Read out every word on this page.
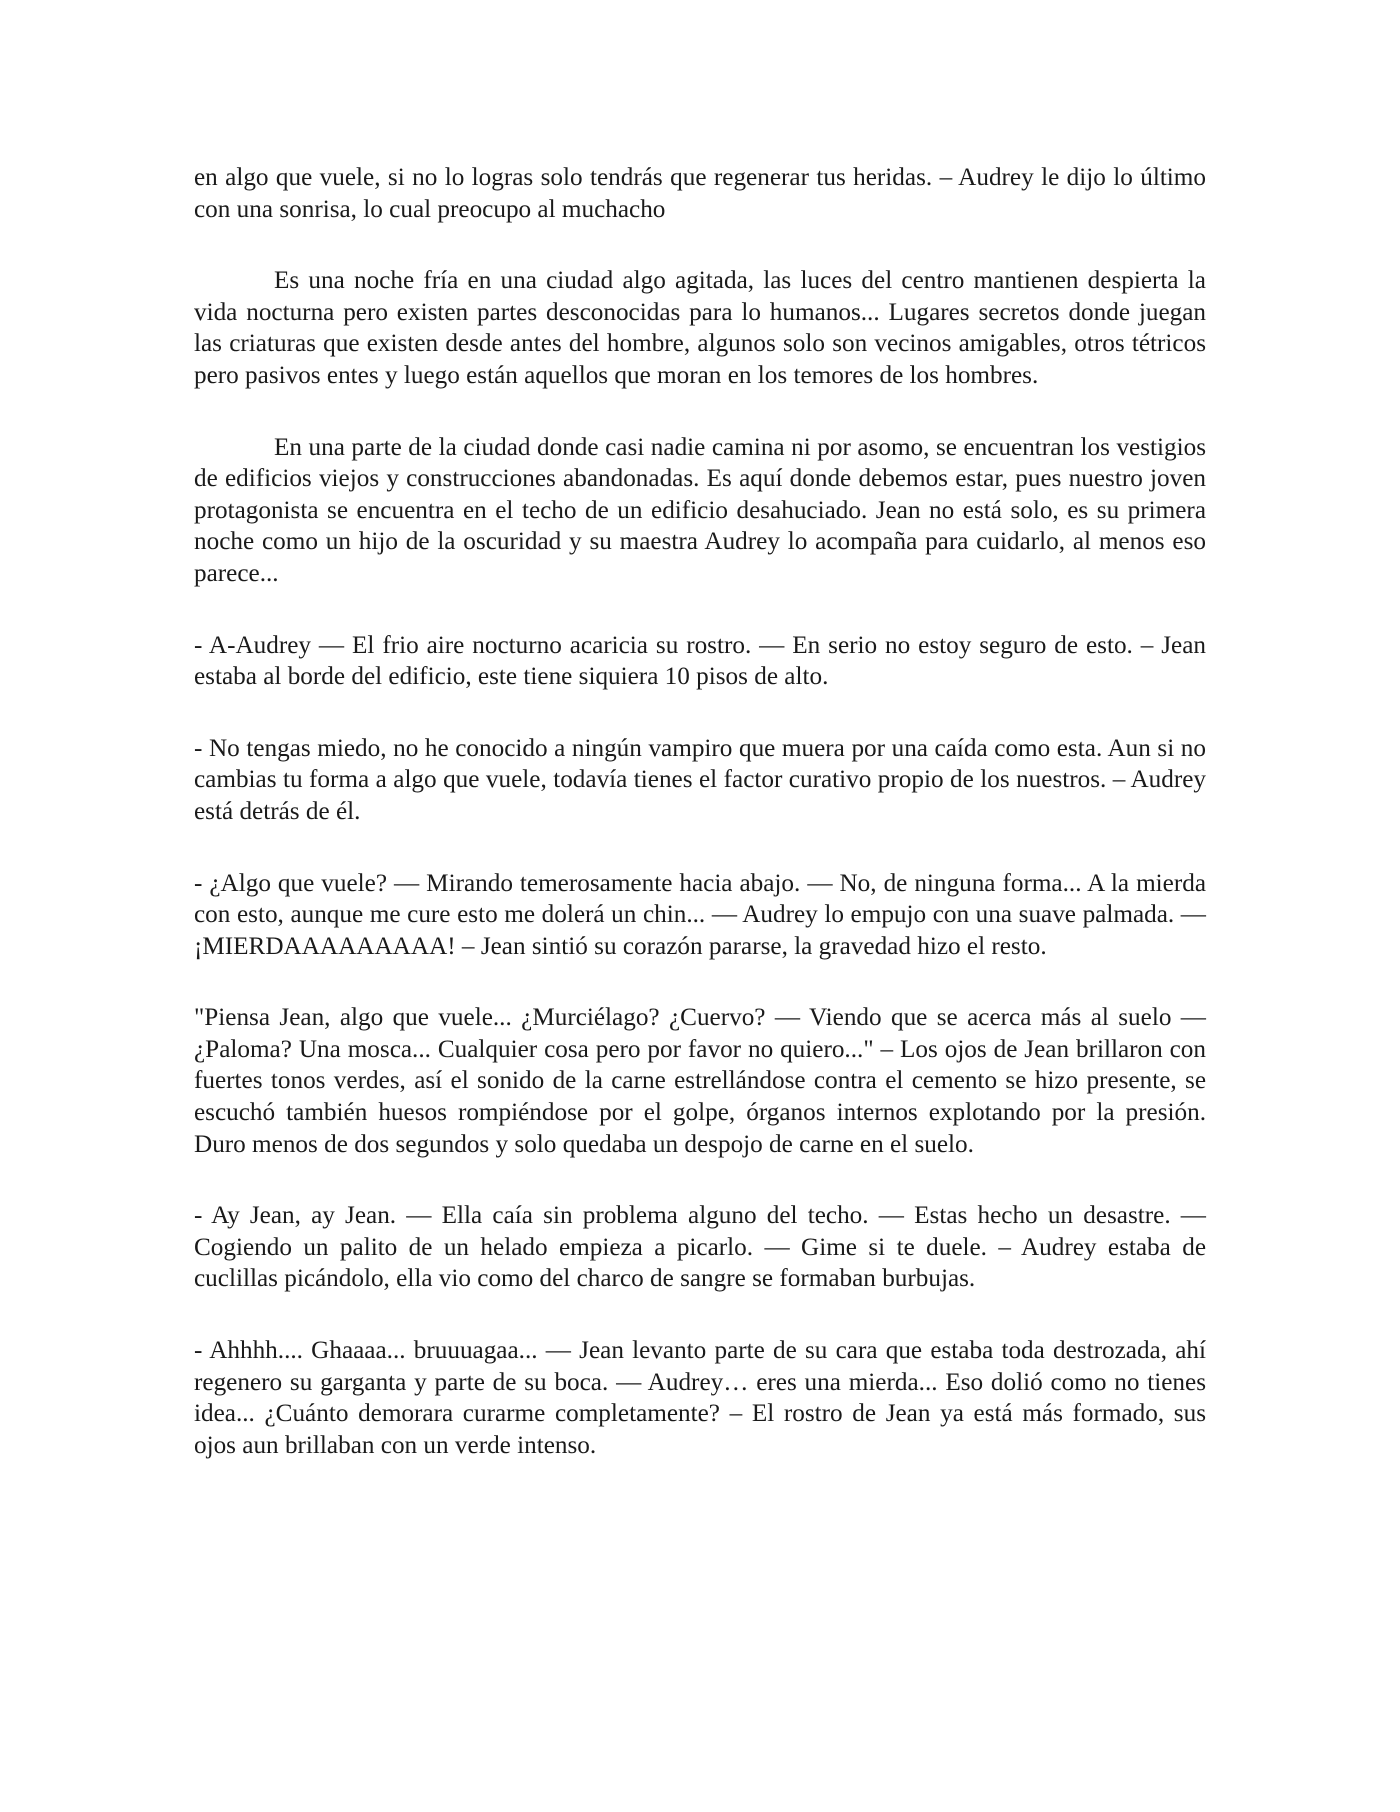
en algo que vuele, si no lo logras solo tendrás que regenerar tus heridas. – Audrey le dijo lo último con una sonrisa, lo cual preocupo al muchacho

Es una noche fría en una ciudad algo agitada, las luces del centro mantienen despierta la vida nocturna pero existen partes desconocidas para lo humanos... Lugares secretos donde juegan las criaturas que existen desde antes del hombre, algunos solo son vecinos amigables, otros tétricos pero pasivos entes y luego están aquellos que moran en los temores de los hombres.

En una parte de la ciudad donde casi nadie camina ni por asomo, se encuentran los vestigios de edificios viejos y construcciones abandonadas. Es aquí donde debemos estar, pues nuestro joven protagonista se encuentra en el techo de un edificio desahuciado. Jean no está solo, es su primera noche como un hijo de la oscuridad y su maestra Audrey lo acompaña para cuidarlo, al menos eso parece...

- A-Audrey — El frio aire nocturno acaricia su rostro. — En serio no estoy seguro de esto. – Jean estaba al borde del edificio, este tiene siquiera 10 pisos de alto.

- No tengas miedo, no he conocido a ningún vampiro que muera por una caída como esta. Aun si no cambias tu forma a algo que vuele, todavía tienes el factor curativo propio de los nuestros. – Audrey está detrás de él.

- ¿Algo que vuele? — Mirando temerosamente hacia abajo. — No, de ninguna forma... A la mierda con esto, aunque me cure esto me dolerá un chin... — Audrey lo empujo con una suave palmada. — ¡MIERDAAAAAAAAA! – Jean sintió su corazón pararse, la gravedad hizo el resto.

"Piensa Jean, algo que vuele... ¿Murciélago? ¿Cuervo? — Viendo que se acerca más al suelo — ¿Paloma? Una mosca... Cualquier cosa pero por favor no quiero..." – Los ojos de Jean brillaron con fuertes tonos verdes, así el sonido de la carne estrellándose contra el cemento se hizo presente, se escuchó también huesos rompiéndose por el golpe, órganos internos explotando por la presión. Duro menos de dos segundos y solo quedaba un despojo de carne en el suelo.

- Ay Jean, ay Jean. — Ella caía sin problema alguno del techo. — Estas hecho un desastre. — Cogiendo un palito de un helado empieza a picarlo. — Gime si te duele. – Audrey estaba de cuclillas picándolo, ella vio como del charco de sangre se formaban burbujas.

- Ahhhh.... Ghaaaa... bruuuagaa... — Jean levanto parte de su cara que estaba toda destrozada, ahí regenero su garganta y parte de su boca. — Audrey… eres una mierda... Eso dolió como no tienes idea... ¿Cuánto demorara curarme completamente? – El rostro de Jean ya está más formado, sus ojos aun brillaban con un verde intenso.
